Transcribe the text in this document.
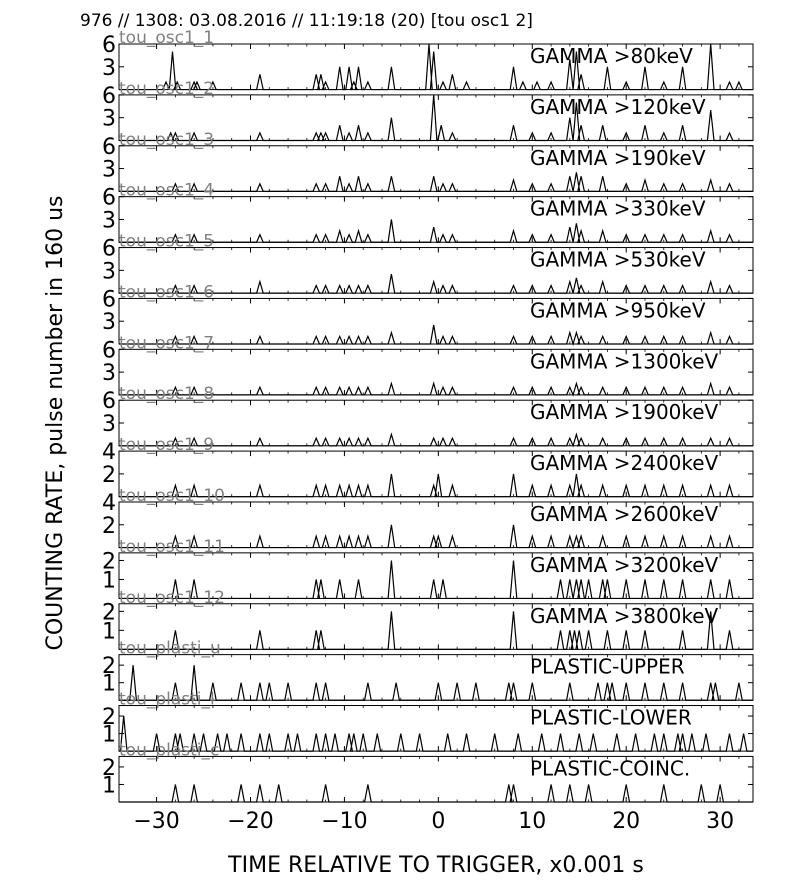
976 // 1308: 03.08.2016 // 11:19:18 (20) [tou osc1 2]
COUNTING RATE, pulse number in 160 us
TIME RELATIVE TO TRIGGER, x0.001 s
3
6	GAMMA >80keV
tou_osc1_1
3
6	GAMMA >120keV
tou_osc1_2
3
6	GAMMA >190keV
tou_osc1_3
3
6	GAMMA >330keV
tou_osc1_4
3
6	GAMMA >530keV
tou_osc1_5
3
6	GAMMA >950keV
tou_osc1_6
3
6	GAMMA >1300keV
tou_osc1_7
3
6	GAMMA >1900keV
tou_osc1_8
2
4	GAMMA >2400keV
tou_osc1_9
2
4	GAMMA >2600keV
tou_osc1_10
1
2	GAMMA >3200keV
tou_osc1_11
1
2	GAMMA >3800keV
tou_osc1_12
1
2	PLASTIC-UPPER
tou_plasti_u
1
2	PLASTIC-LOWER
tou_plasti_l
1
2	PLASTIC-COINC.
tou_plasti_c
−30 −20 −10	0	10	20	30
